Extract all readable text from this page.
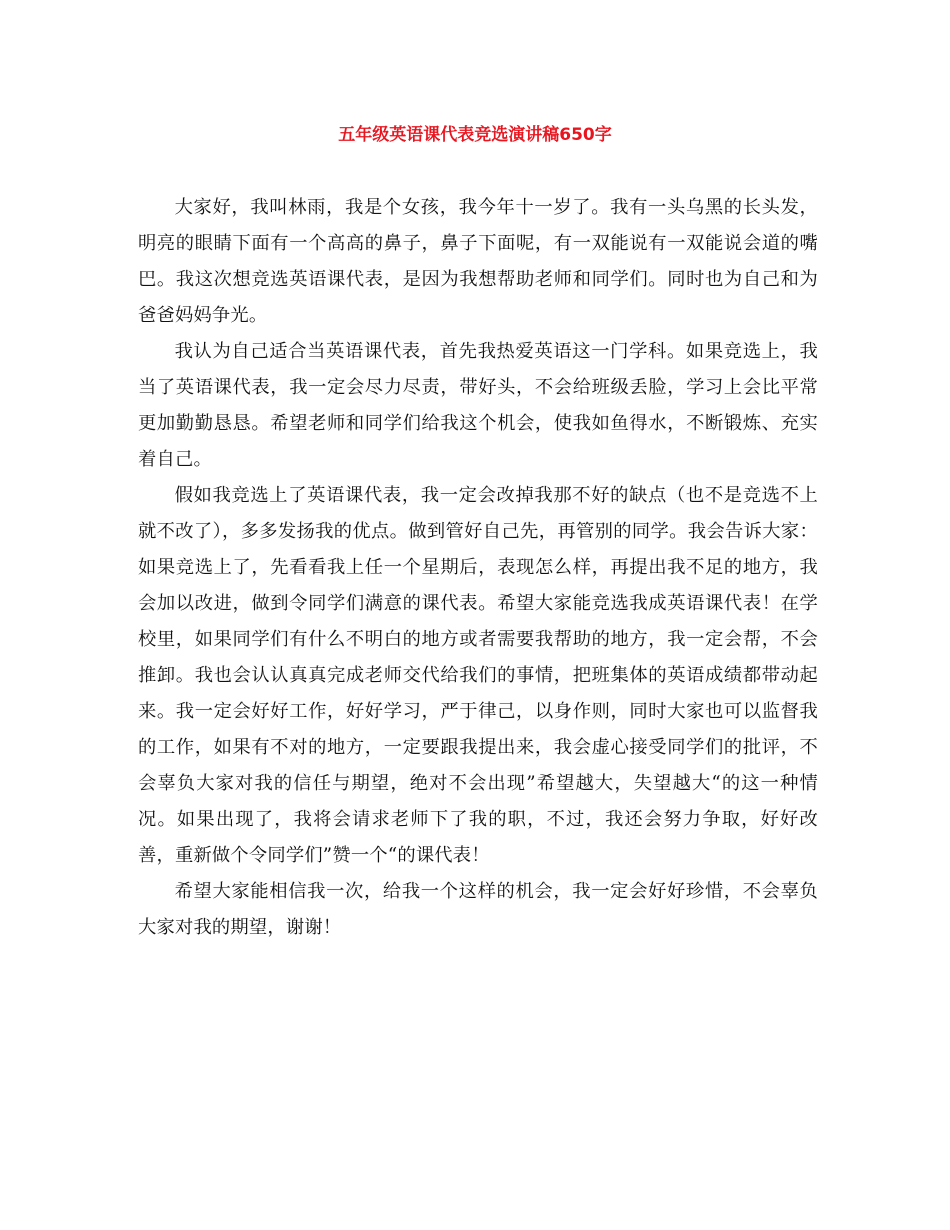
五年级英语课代表竞选演讲稿650字

大家好，我叫林雨，我是个女孩，我今年十一岁了。我有一头乌黑的长头发，明亮的眼睛下面有一个高高的鼻子，鼻子下面呢，有一双能说有一双能说会道的嘴巴。我这次想竞选英语课代表，是因为我想帮助老师和同学们。同时也为自己和为爸爸妈妈争光。

我认为自己适合当英语课代表，首先我热爱英语这一门学科。如果竞选上，我当了英语课代表，我一定会尽力尽责，带好头，不会给班级丢脸，学习上会比平常更加勤勤恳恳。希望老师和同学们给我这个机会，使我如鱼得水，不断锻炼、充实着自己。

假如我竞选上了英语课代表，我一定会改掉我那不好的缺点（也不是竞选不上就不改了），多多发扬我的优点。做到管好自己先，再管别的同学。我会告诉大家：如果竞选上了，先看看我上任一个星期后，表现怎么样，再提出我不足的地方，我会加以改进，做到令同学们满意的课代表。希望大家能竞选我成英语课代表！在学校里，如果同学们有什么不明白的地方或者需要我帮助的地方，我一定会帮，不会推卸。我也会认认真真完成老师交代给我们的事情，把班集体的英语成绩都带动起来。我一定会好好工作，好好学习，严于律己，以身作则，同时大家也可以监督我的工作，如果有不对的地方，一定要跟我提出来，我会虚心接受同学们的批评，不会辜负大家对我的信任与期望，绝对不会出现”希望越大，失望越大“的这一种情况。如果出现了，我将会请求老师下了我的职，不过，我还会努力争取，好好改善，重新做个令同学们”赞一个“的课代表！

希望大家能相信我一次，给我一个这样的机会，我一定会好好珍惜，不会辜负大家对我的期望，谢谢！
